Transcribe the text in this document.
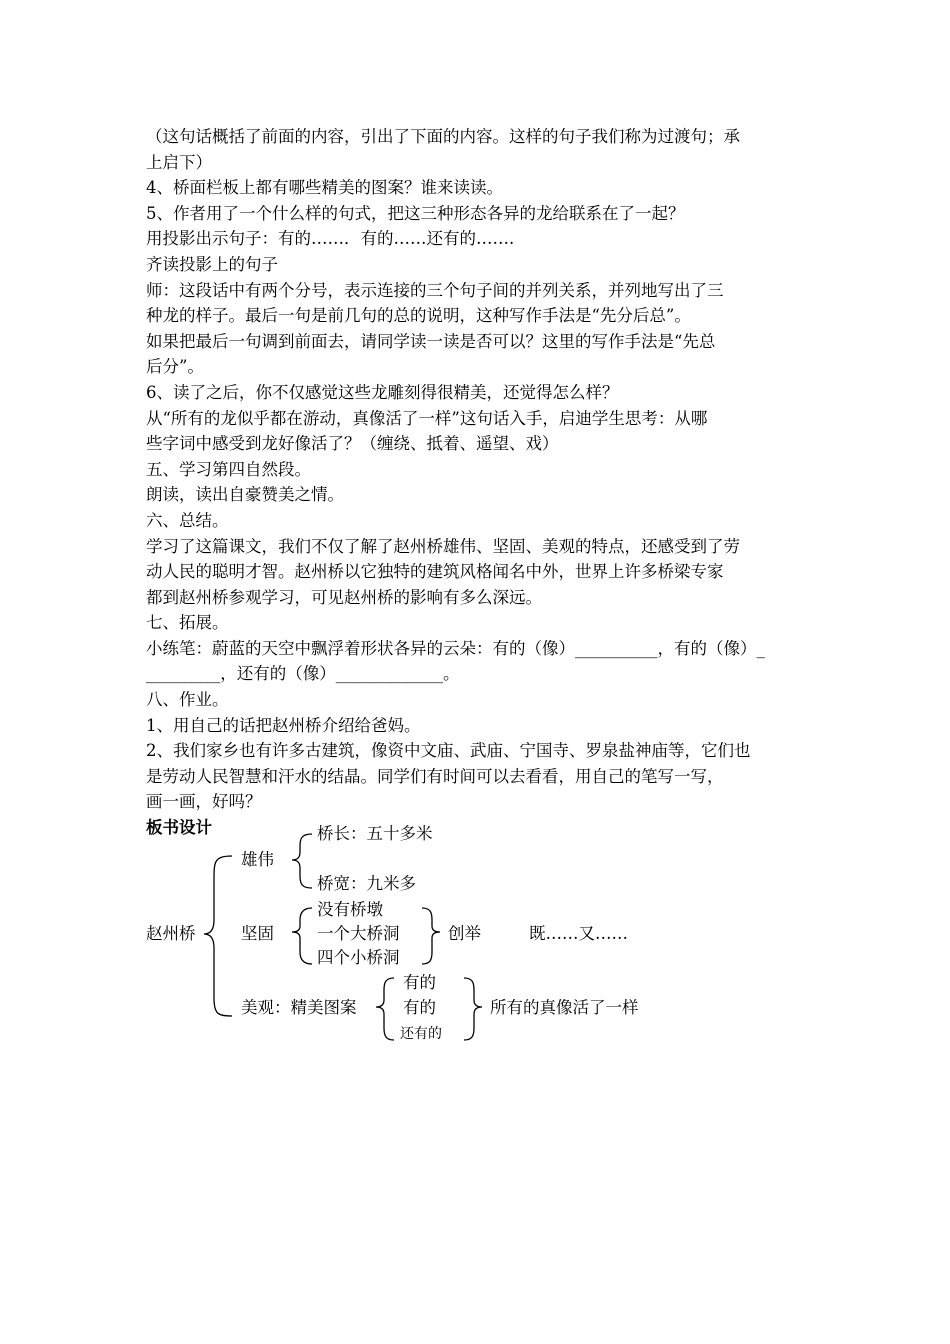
（这句话概括了前面的内容，引出了下面的内容。这样的句子我们称为过渡句；承

上启下）

4、桥面栏板上都有哪些精美的图案？谁来读读。

5、作者用了一个什么样的句式，把这三种形态各异的龙给联系在了一起？

用投影出示句子：有的……．有的……还有的…….

齐读投影上的句子

师：这段话中有两个分号，表示连接的三个句子间的并列关系，并列地写出了三

种龙的样子。最后一句是前几句的总的说明，这种写作手法是“先分后总”。

如果把最后一句调到前面去，请同学读一读是否可以？这里的写作手法是“先总

后分”。

6、读了之后，你不仅感觉这些龙雕刻得很精美，还觉得怎么样？

从“所有的龙似乎都在游动，真像活了一样”这句话入手，启迪学生思考：从哪

些字词中感受到龙好像活了？（缠绕、抵着、遥望、戏）

五、学习第四自然段。

朗读，读出自豪赞美之情。

六、总结。

学习了这篇课文，我们不仅了解了赵州桥雄伟、坚固、美观的特点，还感受到了劳

动人民的聪明才智。赵州桥以它独特的建筑风格闻名中外，世界上许多桥梁专家

都到赵州桥参观学习，可见赵州桥的影响有多么深远。

七、拓展。

小练笔：蔚蓝的天空中飘浮着形状各异的云朵：有的（像）__________，有的（像）_

_________，还有的（像）_____________。

八、作业。

1、用自己的话把赵州桥介绍给爸妈。

2、我们家乡也有许多古建筑，像资中文庙、武庙、宁国寺、罗泉盐神庙等，它们也

是劳动人民智慧和汗水的结晶。同学们有时间可以去看看，用自己的笔写一写，

画一画，好吗？

板书设计

赵州桥
雄伟
桥长：五十多米
桥宽：九米多
坚固
没有桥墩
一个大桥洞
四个小桥洞
创举	既……又……
美观：精美图案
有的
有的
还有的
所有的真像活了一样
